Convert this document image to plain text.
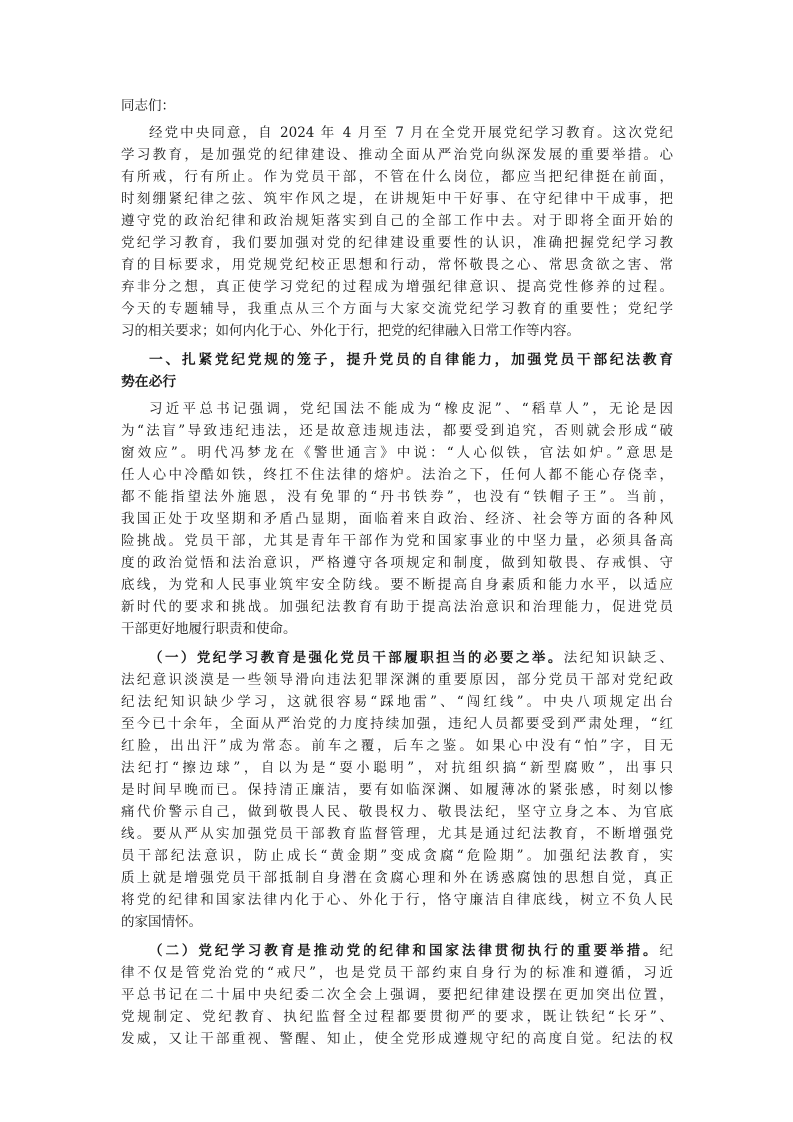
同志们：
经党中央同意，自 2024 年 4 月至 7 月在全党开展党纪学习教育。这次党纪
学习教育，是加强党的纪律建设、推动全面从严治党向纵深发展的重要举措。心
有所戒，行有所止。作为党员干部，不管在什么岗位，都应当把纪律挺在前面，
时刻绷紧纪律之弦、筑牢作风之堤，在讲规矩中干好事、在守纪律中干成事，把
遵守党的政治纪律和政治规矩落实到自己的全部工作中去。对于即将全面开始的
党纪学习教育，我们要加强对党的纪律建设重要性的认识，准确把握党纪学习教
育的目标要求，用党规党纪校正思想和行动，常怀敬畏之心、常思贪欲之害、常
弃非分之想，真正使学习党纪的过程成为增强纪律意识、提高党性修养的过程。
今天的专题辅导，我重点从三个方面与大家交流党纪学习教育的重要性；党纪学
习的相关要求；如何内化于心、外化于行，把党的纪律融入日常工作等内容。
一、扎紧党纪党规的笼子，提升党员的自律能力，加强党员干部纪法教育
势在必行
习近平总书记强调，党纪国法不能成为“橡皮泥”、“稻草人”，无论是因
为“法盲”导致违纪违法，还是故意违规违法，都要受到追究，否则就会形成“破
窗效应”。明代冯梦龙在《警世通言》中说：“人心似铁，官法如炉。”意思是
任人心中冷酷如铁，终扛不住法律的熔炉。法治之下，任何人都不能心存侥幸，
都不能指望法外施恩，没有免罪的“丹书铁券”，也没有“铁帽子王”。当前，
我国正处于攻坚期和矛盾凸显期，面临着来自政治、经济、社会等方面的各种风
险挑战。党员干部，尤其是青年干部作为党和国家事业的中坚力量，必须具备高
度的政治觉悟和法治意识，严格遵守各项规定和制度，做到知敬畏、存戒惧、守
底线，为党和人民事业筑牢安全防线。要不断提高自身素质和能力水平，以适应
新时代的要求和挑战。加强纪法教育有助于提高法治意识和治理能力，促进党员
干部更好地履行职责和使命。
（一）党纪学习教育是强化党员干部履职担当的必要之举。法纪知识缺乏、
法纪意识淡漠是一些领导滑向违法犯罪深渊的重要原因，部分党员干部对党纪政
纪法纪知识缺少学习，这就很容易“踩地雷”、“闯红线”。中央八项规定出台
至今已十余年，全面从严治党的力度持续加强，违纪人员都要受到严肃处理，“红
红脸，出出汗”成为常态。前车之覆，后车之鉴。如果心中没有“怕”字，目无
法纪打“擦边球”，自以为是“耍小聪明”，对抗组织搞“新型腐败”，出事只
是时间早晚而已。保持清正廉洁，要有如临深渊、如履薄冰的紧张感，时刻以惨
痛代价警示自己，做到敬畏人民、敬畏权力、敬畏法纪，坚守立身之本、为官底
线。要从严从实加强党员干部教育监督管理，尤其是通过纪法教育，不断增强党
员干部纪法意识，防止成长“黄金期”变成贪腐“危险期”。加强纪法教育，实
质上就是增强党员干部抵制自身潜在贪腐心理和外在诱惑腐蚀的思想自觉，真正
将党的纪律和国家法律内化于心、外化于行，恪守廉洁自律底线，树立不负人民
的家国情怀。
（二）党纪学习教育是推动党的纪律和国家法律贯彻执行的重要举措。纪
律不仅是管党治党的“戒尺”，也是党员干部约束自身行为的标准和遵循，习近
平总书记在二十届中央纪委二次全会上强调，要把纪律建设摆在更加突出位置，
党规制定、党纪教育、执纪监督全过程都要贯彻严的要求，既让铁纪“长牙”、
发威，又让干部重视、警醒、知止，使全党形成遵规守纪的高度自觉。纪法的权
